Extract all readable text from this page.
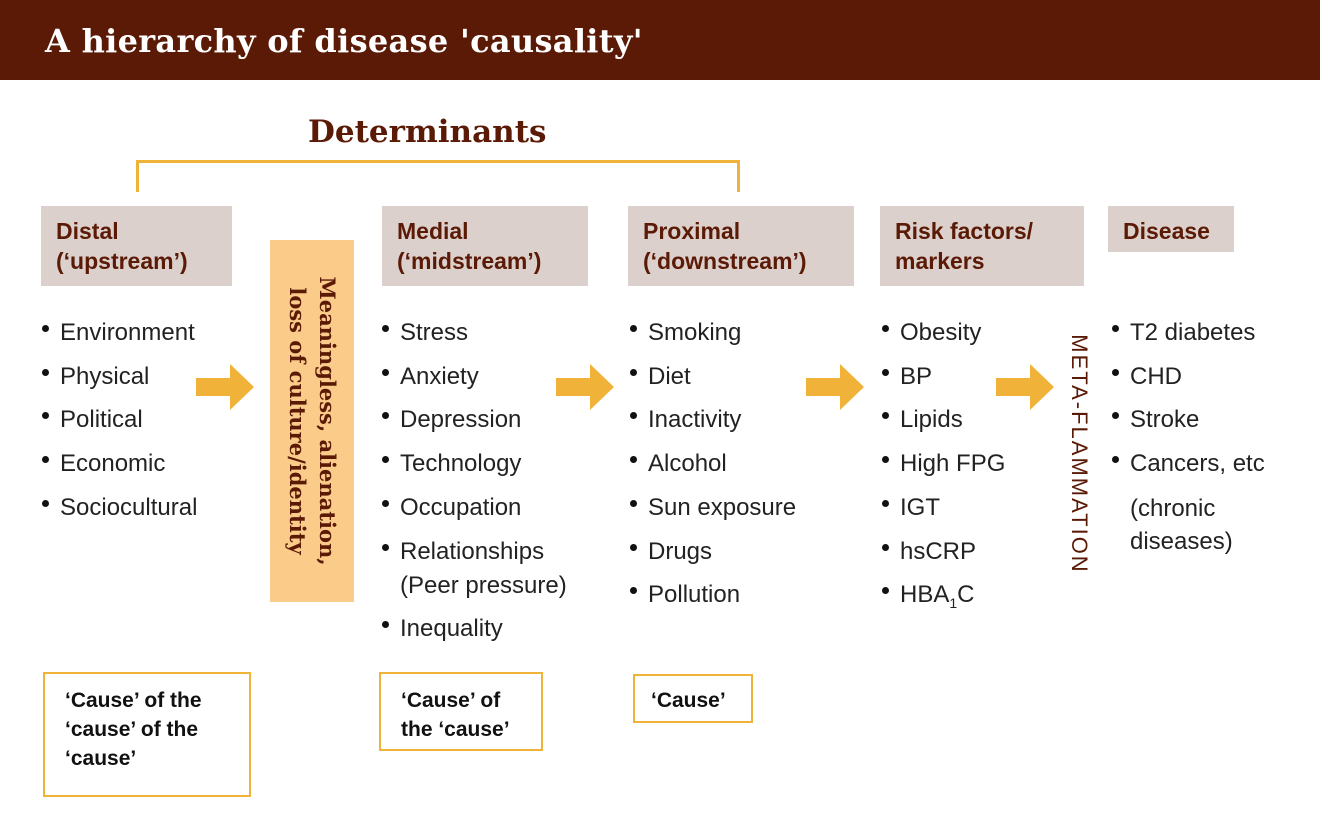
A hierarchy of disease 'causality'
Determinants
Distal
(‘upstream’)
Medial
(‘midstream’)
Proximal
(‘downstream’)
Risk factors/
markers
Disease
Environment
Physical
Political
Economic
Sociocultural	Meaningless, alienation,
loss of culture/identity	Stress
Anxiety
Depression
Technology
Occupation
Relationships
(Peer pressure)
Inequality
Smoking
Diet
Inactivity
Alcohol
Sun exposure
Drugs
Pollution
Obesity
BP
Lipids
High FPG
IGT
hsCRP
$HBA_1C$
META-FLAMMATION
T2 diabetes
CHD
Stroke
Cancers, etc
(chronic
diseases)
‘Cause’ of the
‘cause’ of the
‘cause’
‘Cause’ of
the ‘cause’
‘Cause’
